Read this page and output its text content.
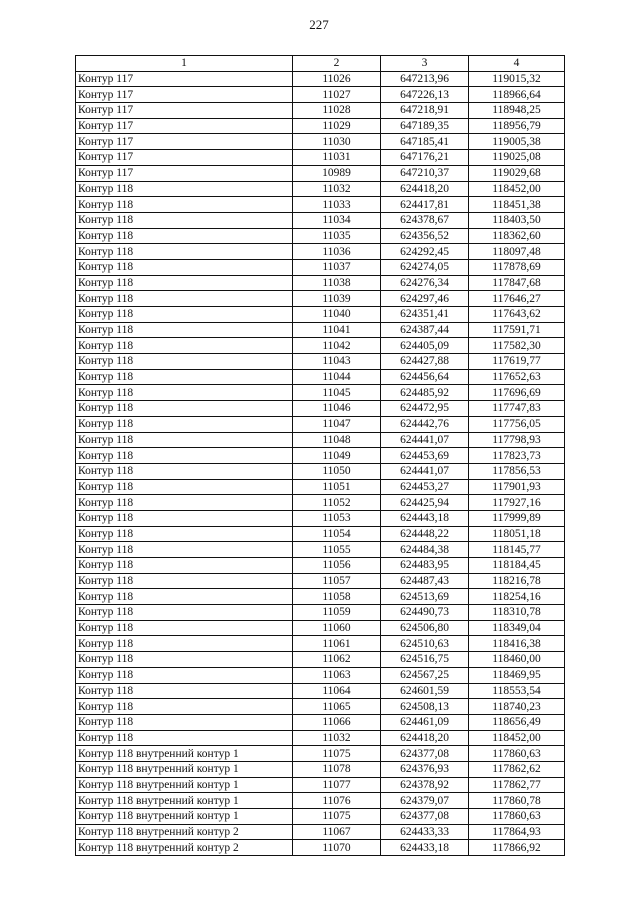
227
1	2	3	4
Контур 117	11026	647213,96	119015,32
Контур 117	11027	647226,13	118966,64
Контур 117	11028	647218,91	118948,25
Контур 117	11029	647189,35	118956,79
Контур 117	11030	647185,41	119005,38
Контур 117	11031	647176,21	119025,08
Контур 117	10989	647210,37	119029,68
Контур 118	11032	624418,20	118452,00
Контур 118	11033	624417,81	118451,38
Контур 118	11034	624378,67	118403,50
Контур 118	11035	624356,52	118362,60
Контур 118	11036	624292,45	118097,48
Контур 118	11037	624274,05	117878,69
Контур 118	11038	624276,34	117847,68
Контур 118	11039	624297,46	117646,27
Контур 118	11040	624351,41	117643,62
Контур 118	11041	624387,44	117591,71
Контур 118	11042	624405,09	117582,30
Контур 118	11043	624427,88	117619,77
Контур 118	11044	624456,64	117652,63
Контур 118	11045	624485,92	117696,69
Контур 118	11046	624472,95	117747,83
Контур 118	11047	624442,76	117756,05
Контур 118	11048	624441,07	117798,93
Контур 118	11049	624453,69	117823,73
Контур 118	11050	624441,07	117856,53
Контур 118	11051	624453,27	117901,93
Контур 118	11052	624425,94	117927,16
Контур 118	11053	624443,18	117999,89
Контур 118	11054	624448,22	118051,18
Контур 118	11055	624484,38	118145,77
Контур 118	11056	624483,95	118184,45
Контур 118	11057	624487,43	118216,78
Контур 118	11058	624513,69	118254,16
Контур 118	11059	624490,73	118310,78
Контур 118	11060	624506,80	118349,04
Контур 118	11061	624510,63	118416,38
Контур 118	11062	624516,75	118460,00
Контур 118	11063	624567,25	118469,95
Контур 118	11064	624601,59	118553,54
Контур 118	11065	624508,13	118740,23
Контур 118	11066	624461,09	118656,49
Контур 118	11032	624418,20	118452,00
Контур 118 внутренний контур 1	11075	624377,08	117860,63
Контур 118 внутренний контур 1	11078	624376,93	117862,62
Контур 118 внутренний контур 1	11077	624378,92	117862,77
Контур 118 внутренний контур 1	11076	624379,07	117860,78
Контур 118 внутренний контур 1	11075	624377,08	117860,63
Контур 118 внутренний контур 2	11067	624433,33	117864,93
Контур 118 внутренний контур 2	11070	624433,18	117866,92
